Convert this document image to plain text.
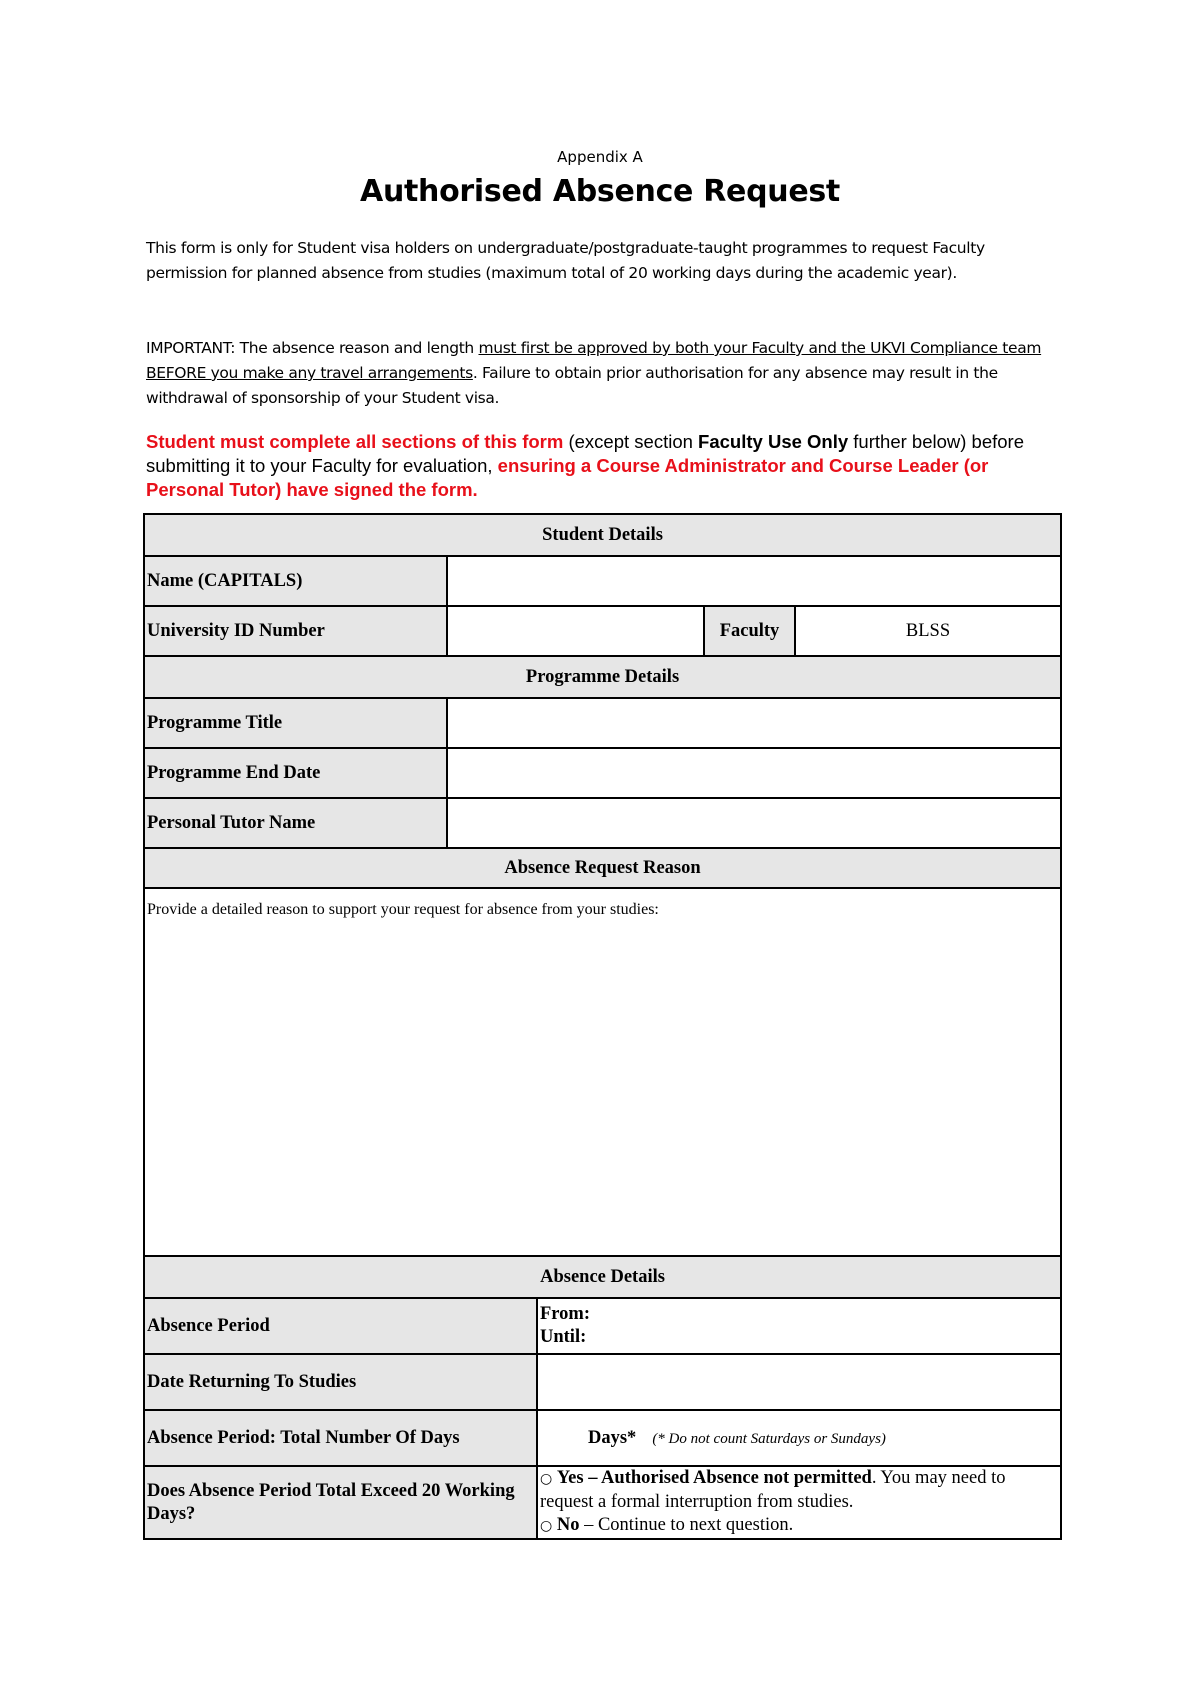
Appendix A
Authorised Absence Request
This form is only for Student visa holders on undergraduate/postgraduate-taught programmes to request Faculty permission for planned absence from studies (maximum total of 20 working days during the academic year).
IMPORTANT: The absence reason and length must first be approved by both your Faculty and the UKVI Compliance team BEFORE you make any travel arrangements. Failure to obtain prior authorisation for any absence may result in the withdrawal of sponsorship of your Student visa.
Student must complete all sections of this form (except section Faculty Use Only further below) before submitting it to your Faculty for evaluation, ensuring a Course Administrator and Course Leader (or Personal Tutor) have signed the form.
Student Details				
Name (CAPITALS)				
University ID Number			Faculty	BLSS
Programme Details				
Programme Title				
Programme End Date				
Personal Tutor Name				
Absence Request Reason				
Provide a detailed reason to support your request for absence from your studies:				
Absence Details				
Absence Period		From:
Until:		

Date Returning To Studies				
Absence Period: Total Number Of Days		Days* (* Do not count Saturdays or Sundays)		
Does Absence Period Total Exceed 20 Working Days?		○ Yes – Authorised Absence not permitted. You may need to request a formal interruption from studies.
○ No – Continue to next question.		
